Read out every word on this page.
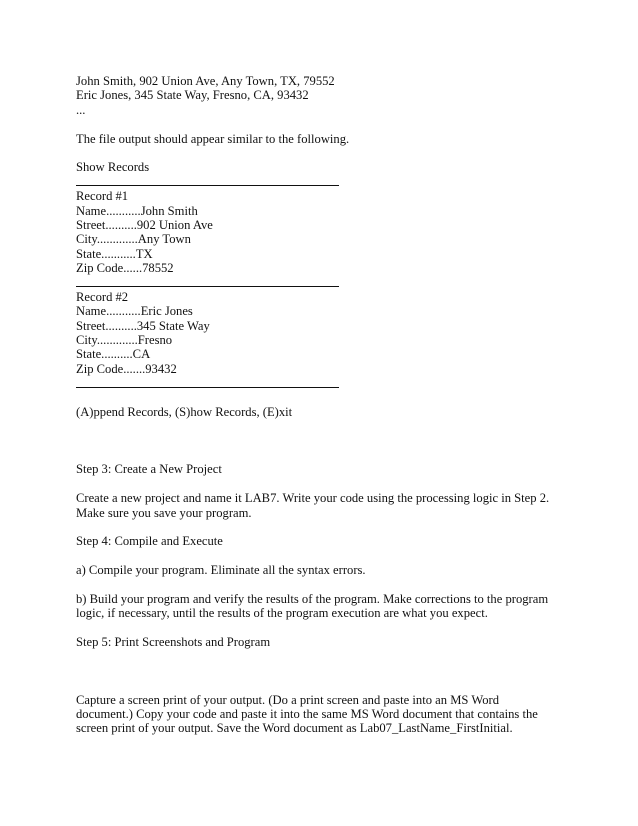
John Smith, 902 Union Ave, Any Town, TX, 79552
Eric Jones, 345 State Way, Fresno, CA, 93432
...
The file output should appear similar to the following.
Show Records
Record #1
Name...........John Smith
Street..........902 Union Ave
City.............Any Town
State...........TX
Zip Code......78552
Record #2
Name...........Eric Jones
Street..........345 State Way
City.............Fresno
State..........CA
Zip Code.......93432
(A)ppend Records, (S)how Records, (E)xit
Step 3: Create a New Project
Create a new project and name it LAB7. Write your code using the processing logic in Step 2. Make sure you save your program.
Step 4: Compile and Execute
a) Compile your program. Eliminate all the syntax errors.
b) Build your program and verify the results of the program. Make corrections to the program logic, if necessary, until the results of the program execution are what you expect.
Step 5: Print Screenshots and Program
Capture a screen print of your output. (Do a print screen and paste into an MS Word document.) Copy your code and paste it into the same MS Word document that contains the screen print of your output. Save the Word document as Lab07_LastName_FirstInitial.
